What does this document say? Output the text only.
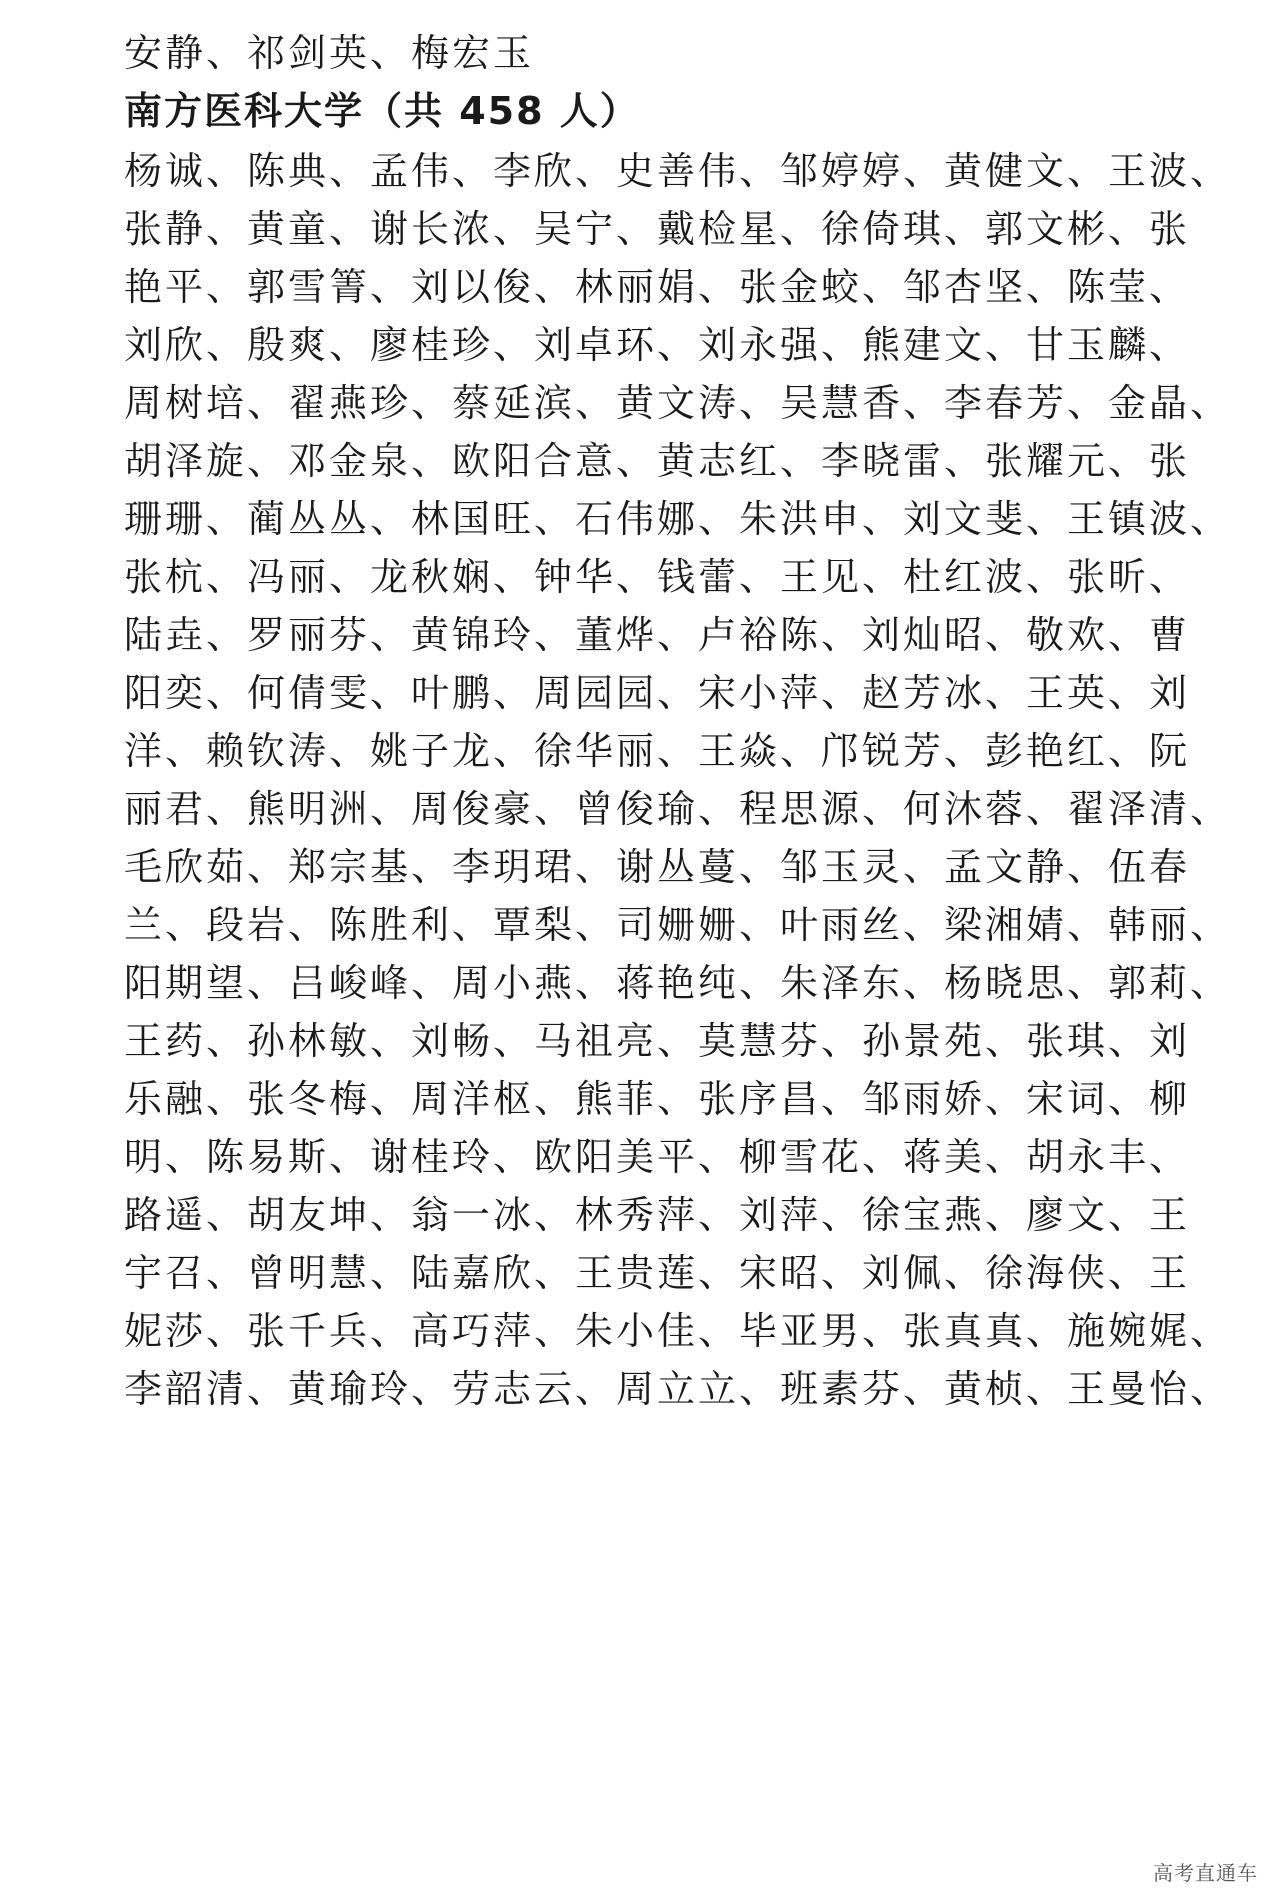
安静、祁剑英、梅宏玉
南方医科大学（共 458 人）
杨诚、陈典、孟伟、李欣、史善伟、邹婷婷、黄健文、王波、
张静、黄童、谢长浓、吴宁、戴检星、徐倚琪、郭文彬、张
艳平、郭雪箐、刘以俊、林丽娟、张金蛟、邹杏坚、陈莹、
刘欣、殷爽、廖桂珍、刘卓环、刘永强、熊建文、甘玉麟、
周树培、翟燕珍、蔡延滨、黄文涛、吴慧香、李春芳、金晶、
胡泽旋、邓金泉、欧阳合意、黄志红、李晓雷、张耀元、张
珊珊、蔺丛丛、林国旺、石伟娜、朱洪申、刘文斐、王镇波、
张杭、冯丽、龙秋娴、钟华、钱蕾、王见、杜红波、张昕、
陆垚、罗丽芬、黄锦玲、董烨、卢裕陈、刘灿昭、敬欢、曹
阳奕、何倩雯、叶鹏、周园园、宋小萍、赵芳冰、王英、刘
洋、赖钦涛、姚子龙、徐华丽、王焱、邝锐芳、彭艳红、阮
丽君、熊明洲、周俊豪、曾俊瑜、程思源、何沐蓉、翟泽清、
毛欣茹、郑宗基、李玥珺、谢丛蔓、邹玉灵、孟文静、伍春
兰、段岩、陈胜利、覃梨、司姗姗、叶雨丝、梁湘婧、韩丽、
阳期望、吕峻峰、周小燕、蒋艳纯、朱泽东、杨晓思、郭莉、
王药、孙林敏、刘畅、马祖亮、莫慧芬、孙景苑、张琪、刘
乐融、张冬梅、周洋枢、熊菲、张序昌、邹雨娇、宋词、柳
明、陈易斯、谢桂玲、欧阳美平、柳雪花、蒋美、胡永丰、
路遥、胡友坤、翁一冰、林秀萍、刘萍、徐宝燕、廖文、王
宇召、曾明慧、陆嘉欣、王贵莲、宋昭、刘佩、徐海侠、王
妮莎、张千兵、高巧萍、朱小佳、毕亚男、张真真、施婉娓、
李韶清、黄瑜玲、劳志云、周立立、班素芬、黄桢、王曼怡、
高考直通车
